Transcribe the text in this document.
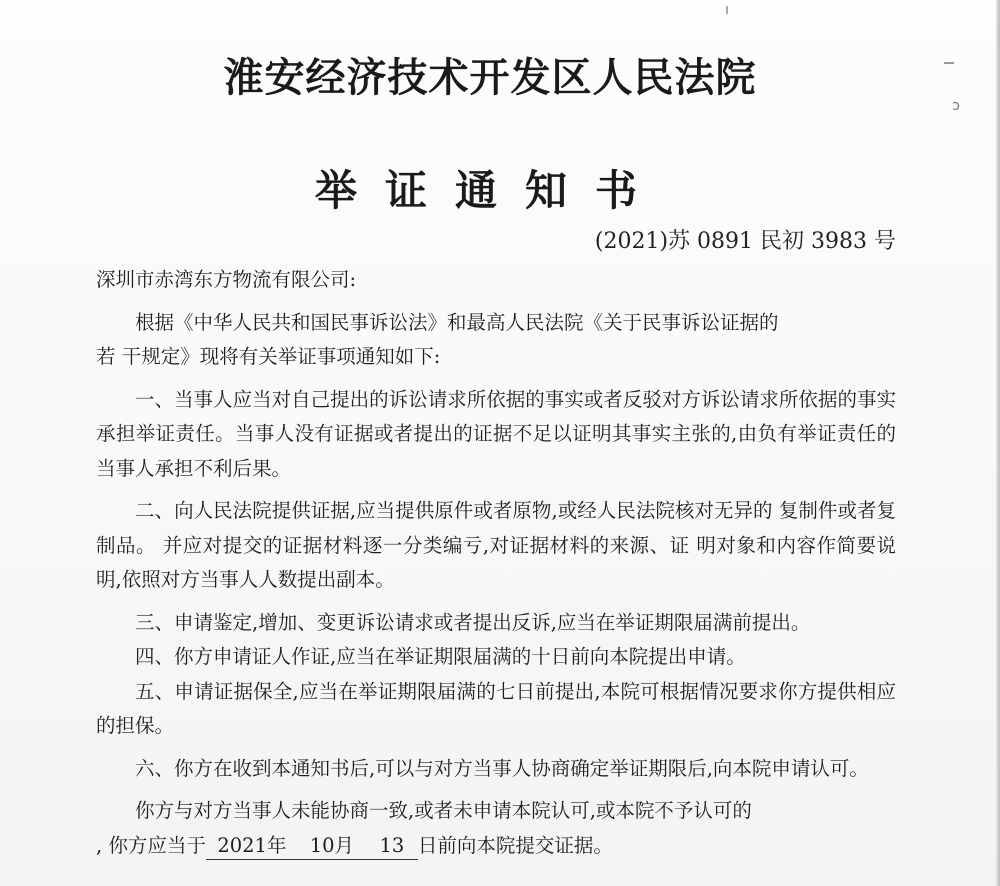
ↄ
淮安经济技术开发区人民法院
举证通知书
(2021)苏 0891 民初 3983 号

深圳市赤湾东方物流有限公司:

根据《中华人民共和国民事诉讼法》和最高人民法院《关于民事诉讼证据的

若 干规定》现将有关举证事项通知如下:

一、当事人应当对自己提出的诉讼请求所依据的事实或者反驳对方诉讼请求所依据的事实承担举证责任。当事人没有证据或者提出的证据不足以证明其事实主张的,由负有举证责任的当事人承担不利后果。

二、向人民法院提供证据,应当提供原件或者原物,或经人民法院核对无异的 复制件或者复制品。 并应对提交的证据材料逐一分类编亏,对证据材料的来源、证 明对象和内容作简要说明,依照对方当事人人数提出副本。

三、申请鉴定,增加、变更诉讼请求或者提出反诉,应当在举证期限届满前提出。

四、你方申请证人作证,应当在举证期限届满的十日前向本院提出申请。

五、申请证据保全,应当在举证期限届满的七日前提出,本院可根据情况要求你方提供相应的担保。

六、你方在收到本通知书后,可以与对方当事人协商确定举证期限后,向本院申请认可。

你方与对方当事人未能协商一致,或者未申请本院认可,或本院不予认可的

, 你方应当于 2021年 10月 13 日前向本院提交证据。
